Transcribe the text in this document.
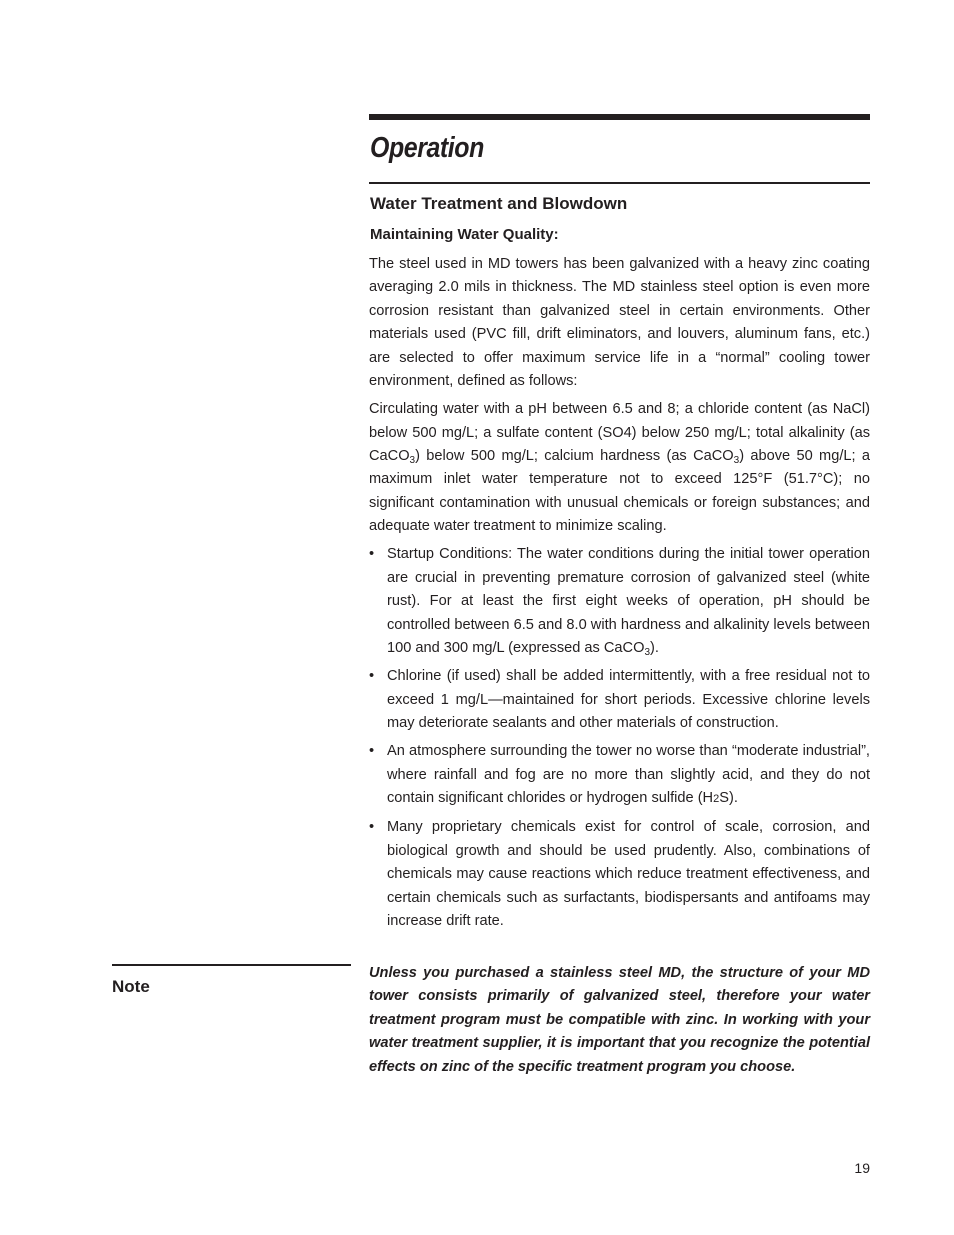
Operation
Water Treatment and Blowdown
Maintaining Water Quality:

The steel used in MD towers has been galvanized with a heavy zinc coating averaging 2.0 mils in thickness. The MD stainless steel option is even more corrosion resistant than galvanized steel in certain environments. Other materials used (PVC fill, drift eliminators, and louvers, aluminum fans, etc.) are selected to offer maximum service life in a “normal” cooling tower environment, defined as follows:

Circulating water with a pH between 6.5 and 8; a chloride content (as NaCl) below 500 mg/L; a sulfate content (SO4) below 250 mg/L; total alkalinity (as CaCO$_3$) below 500 mg/L; calcium hardness (as CaCO$_3$) above 50 mg/L; a maximum inlet water temperature not to exceed 125°F (51.7°C); no significant contamination with unusual chemicals or foreign substances; and adequate water treatment to minimize scaling.

• Startup Conditions: The water conditions during the initial tower operation are crucial in preventing premature corrosion of galvanized steel (white rust). For at least the first eight weeks of operation, pH should be controlled between 6.5 and 8.0 with hardness and alkalinity levels between 100 and 300 mg/L (expressed as CaCO$_3$).
• Chlorine (if used) shall be added intermittently, with a free residual not to exceed 1 mg/L—maintained for short periods. Excessive chlorine levels may deteriorate sealants and other materials of construction.
• An atmosphere surrounding the tower no worse than “moderate industrial”, where rainfall and fog are no more than slightly acid, and they do not contain significant chlorides or hydrogen sulfide (H2S).
• Many proprietary chemicals exist for control of scale, corrosion, and biological growth and should be used prudently. Also, combinations of chemicals may cause reactions which reduce treatment effectiveness, and certain chemicals such as surfactants, biodispersants and antifoams may increase drift rate.
Note

Unless you purchased a stainless steel MD, the structure of your MD tower consists primarily of galvanized steel, therefore your water treatment program must be compatible with zinc. In working with your water treatment supplier, it is important that you recognize the potential effects on zinc of the specific treatment program you choose.

19
